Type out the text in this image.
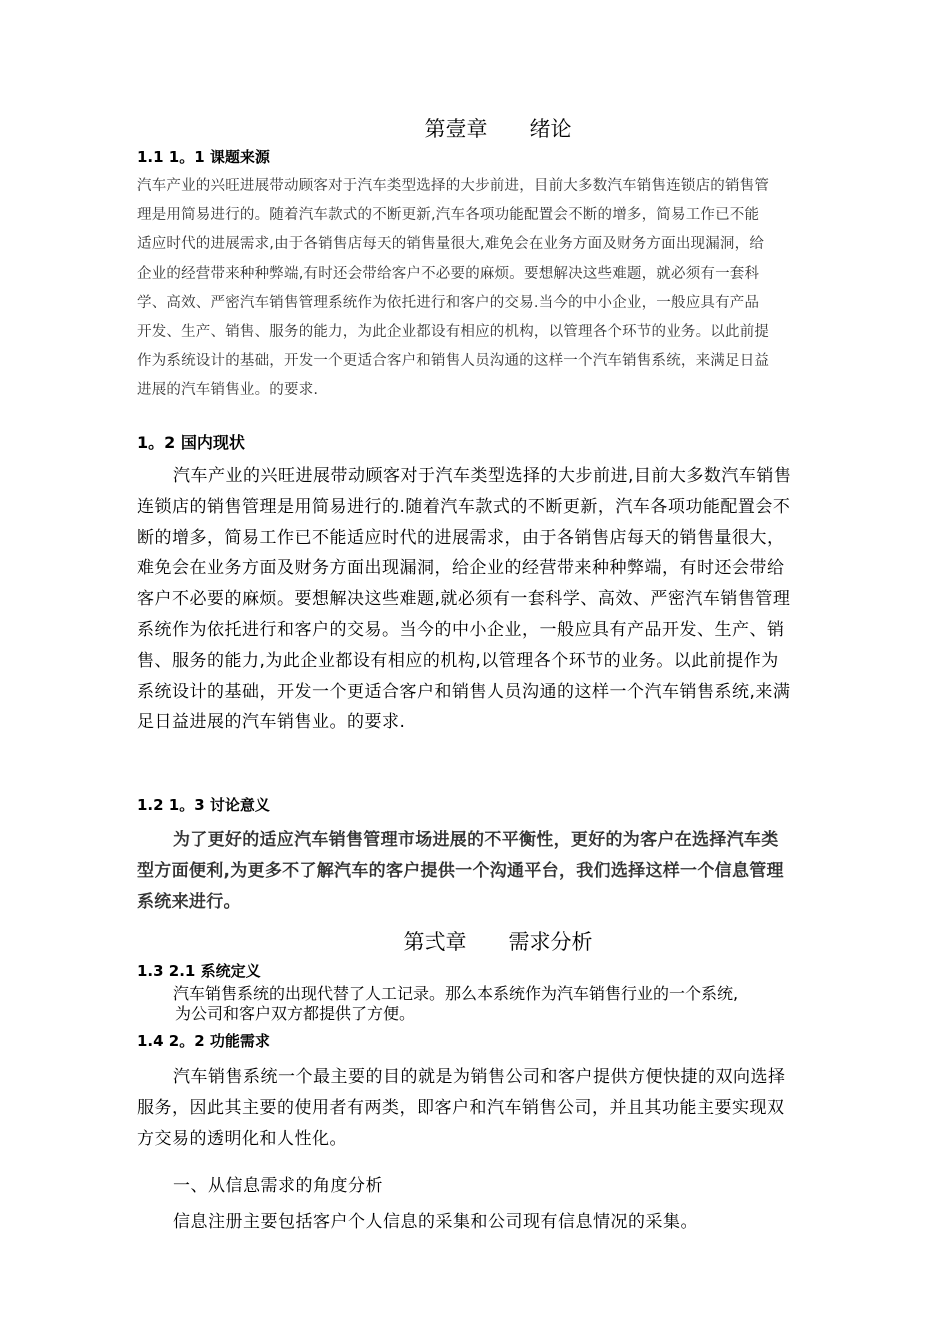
第壹章　　绪论
1.1 1。1 课题来源
汽车产业的兴旺进展带动顾客对于汽车类型选择的大步前进，目前大多数汽车销售连锁店的销售管
理是用简易进行的。随着汽车款式的不断更新,汽车各项功能配置会不断的增多，简易工作已不能
适应时代的进展需求,由于各销售店每天的销售量很大,难免会在业务方面及财务方面出现漏洞，给
企业的经营带来种种弊端,有时还会带给客户不必要的麻烦。要想解决这些难题，就必须有一套科
学、高效、严密汽车销售管理系统作为依托进行和客户的交易.当今的中小企业，一般应具有产品
开发、生产、销售、服务的能力，为此企业都设有相应的机构，以管理各个环节的业务。以此前提
作为系统设计的基础，开发一个更适合客户和销售人员沟通的这样一个汽车销售系统，来满足日益
进展的汽车销售业。的要求.
1。2 国内现状
汽车产业的兴旺进展带动顾客对于汽车类型选择的大步前进,目前大多数汽车销售
连锁店的销售管理是用简易进行的.随着汽车款式的不断更新，汽车各项功能配置会不
断的增多，简易工作已不能适应时代的进展需求，由于各销售店每天的销售量很大，
难免会在业务方面及财务方面出现漏洞，给企业的经营带来种种弊端，有时还会带给
客户不必要的麻烦。要想解决这些难题,就必须有一套科学、高效、严密汽车销售管理
系统作为依托进行和客户的交易。当今的中小企业，一般应具有产品开发、生产、销
售、服务的能力,为此企业都设有相应的机构,以管理各个环节的业务。以此前提作为
系统设计的基础，开发一个更适合客户和销售人员沟通的这样一个汽车销售系统,来满
足日益进展的汽车销售业。的要求.
1.2 1。3 讨论意义
为了更好的适应汽车销售管理市场进展的不平衡性，更好的为客户在选择汽车类
型方面便利,为更多不了解汽车的客户提供一个沟通平台，我们选择这样一个信息管理
系统来进行。
第弍章　　需求分析
1.3 2.1 系统定义
汽车销售系统的出现代替了人工记录。那么本系统作为汽车销售行业的一个系统,
为公司和客户双方都提供了方便。
1.4 2。2 功能需求
汽车销售系统一个最主要的目的就是为销售公司和客户提供方便快捷的双向选择
服务，因此其主要的使用者有两类，即客户和汽车销售公司，并且其功能主要实现双
方交易的透明化和人性化。
一、从信息需求的角度分析
信息注册主要包括客户个人信息的采集和公司现有信息情况的采集。
